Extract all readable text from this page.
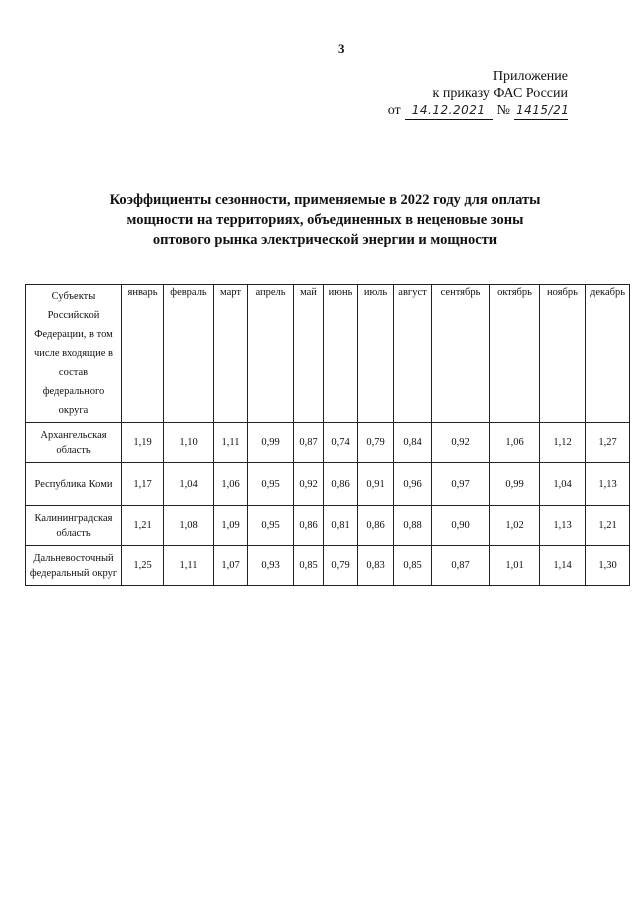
3
Приложение
к приказу ФАС России
от 14.12.2021 № 1415/21
Коэффициенты сезонности, применяемые в 2022 году для оплаты
мощности на территориях, объединенных в неценовые зоны
оптового рынка электрической энергии и мощности
Субъекты Российской Федерации, в том числе входящие в состав федерального округа	январь	февраль	март	апрель	май	июнь	июль	август	сентябрь	октябрь	ноябрь	декабрь
Архангельская область	1,19	1,10	1,11	0,99	0,87	0,74	0,79	0,84	0,92	1,06	1,12	1,27
Республика Коми	1,17	1,04	1,06	0,95	0,92	0,86	0,91	0,96	0,97	0,99	1,04	1,13
Калининградская область	1,21	1,08	1,09	0,95	0,86	0,81	0,86	0,88	0,90	1,02	1,13	1,21
Дальневосточный федеральный округ	1,25	1,11	1,07	0,93	0,85	0,79	0,83	0,85	0,87	1,01	1,14	1,30
